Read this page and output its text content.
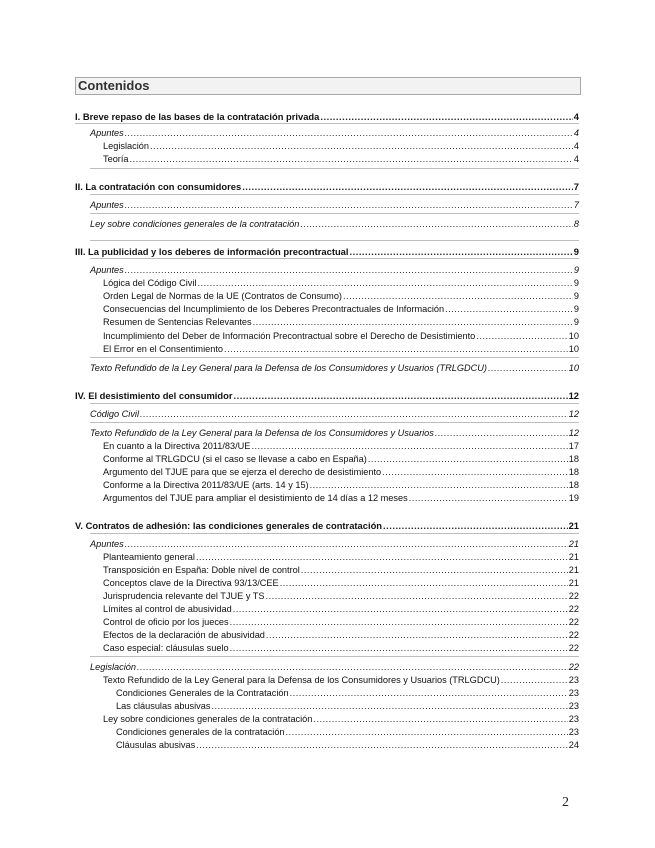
Contenidos
I. Breve repaso de las bases de la contratación privada .....	4
Apuntes .....	4
Legislación .....	4
Teoría .....	4
II. La contratación con consumidores .....	7
Apuntes .....	7
Ley sobre condiciones generales de la contratación .....	8
III. La publicidad y los deberes de información precontractual .....	9
Apuntes .....	9
Lógica del Código Civil .....	9
Orden Legal de Normas de la UE (Contratos de Consumo) .....	9
Consecuencias del Incumplimiento de los Deberes Precontractuales de Información .....	9
Resumen de Sentencias Relevantes .....	9
Incumplimiento del Deber de Información Precontractual sobre el Derecho de Desistimiento .....	10
El Error en el Consentimiento .....	10
Texto Refundido de la Ley General para la Defensa de los Consumidores y Usuarios (TRLGDCU) .....	10
IV. El desistimiento del consumidor .....	12
Código Civil .....	12
Texto Refundido de la Ley General para la Defensa de los Consumidores y Usuarios .....	12
En cuanto a la Directiva 2011/83/UE .....	17
Conforme al TRLGDCU (si el caso se llevase a cabo en España) .....	18
Argumento del TJUE para que se ejerza el derecho de desistimiento .....	18
Conforme a la Directiva 2011/83/UE (arts. 14 y 15) .....	18
Argumentos del TJUE para ampliar el desistimiento de 14 días a 12 meses .....	19
V. Contratos de adhesión: las condiciones generales de contratación .....	21
Apuntes .....	21
Planteamiento general .....	21
Transposición en España: Doble nivel de control .....	21
Conceptos clave de la Directiva 93/13/CEE .....	21
Jurisprudencia relevante del TJUE y TS .....	22
Límites al control de abusividad .....	22
Control de oficio por los jueces .....	22
Efectos de la declaración de abusividad .....	22
Caso especial: cláusulas suelo .....	22
Legislación .....	22
Texto Refundido de la Ley General para la Defensa de los Consumidores y Usuarios (TRLGDCU) .....	23
Condiciones Generales de la Contratación .....	23
Las cláusulas abusivas .....	23
Ley sobre condiciones generales de la contratación .....	23
Condiciones generales de la contratación .....	23
Cláusulas abusivas .....	24
2
